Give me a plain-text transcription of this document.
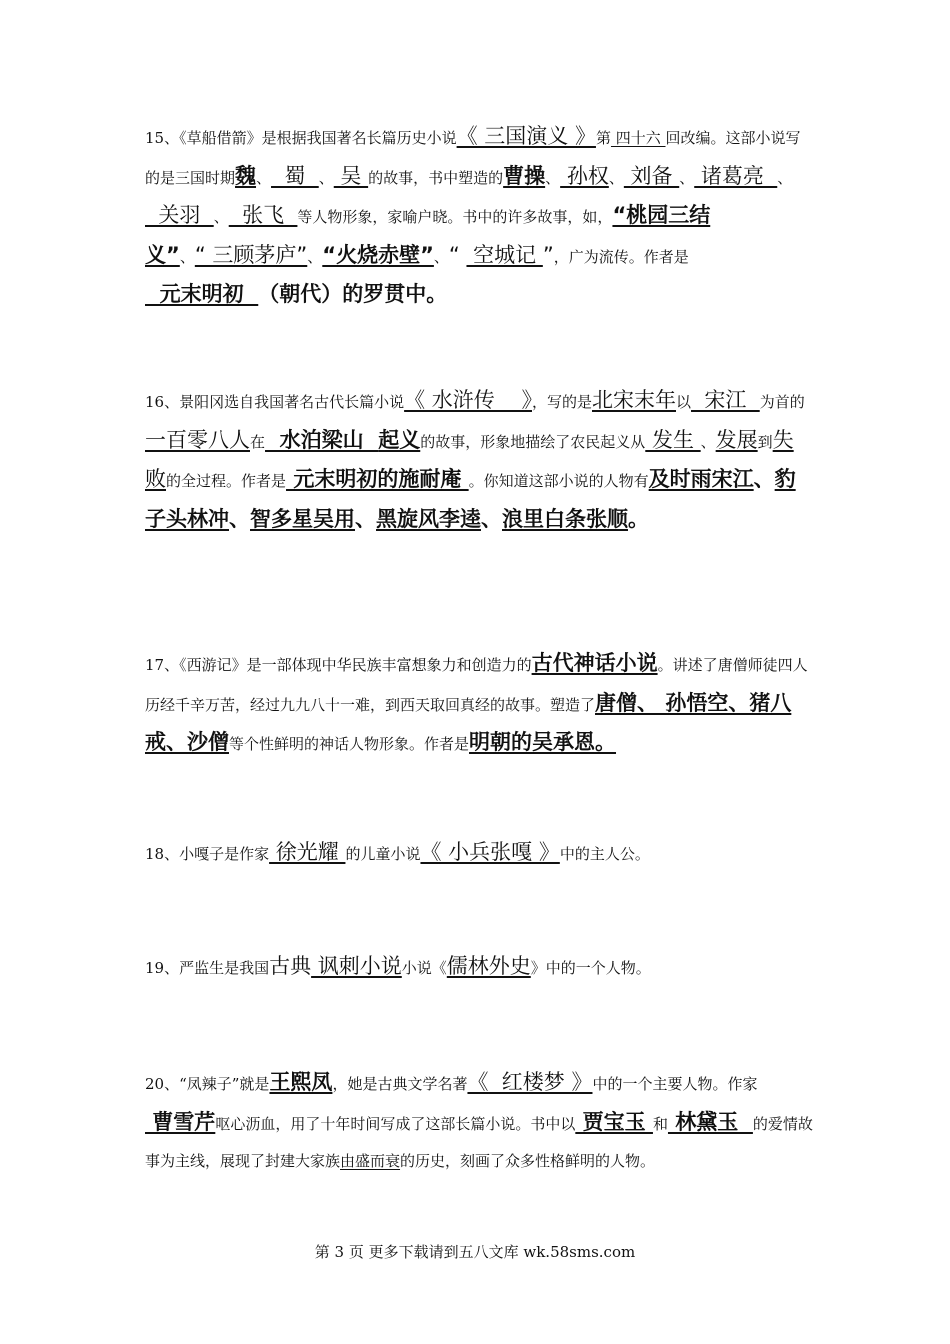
15、《草船借箭》是根据我国著名长篇历史小说《 三国演义 》第 四十六 回改编。这部小说写的是三国时期魏、  蜀  、 吴 的故事，书中塑造的曹操、 孙权、 刘备 、 诸葛亮  、  关羽  、  张飞  等人物形象，家喻户晓。书中的许多故事，如，“桃园三结义”、“ 三顾茅庐”、“火烧赤壁”、“  空城记 ”，广为流传。作者是  元末明初  （朝代）的罗贯中。

16、景阳冈选自我国著名古代长篇小说《 水浒传    》，写的是北宋末年以  宋江  为首的一百零八人在  水泊梁山  起义的故事，形象地描绘了农民起义从 发生 、发展到失败的全过程。作者是 元末明初的施耐庵 。你知道这部小说的人物有及时雨宋江、豹子头林冲、智多星吴用、黑旋风李逵、浪里白条张顺。

17、《西游记》是一部体现中华民族丰富想象力和创造力的古代神话小说。讲述了唐僧师徒四人历经千辛万苦，经过九九八十一难，到西天取回真经的故事。塑造了唐僧、 孙悟空、猪八戒、沙僧等个性鲜明的神话人物形象。作者是明朝的吴承恩。

18、小嘎子是作家 徐光耀 的儿童小说《 小兵张嘎 》中的主人公。

19、严监生是我国古典 讽刺小说小说《儒林外史》中的一个人物。

20、“凤辣子”就是王熙凤，她是古典文学名著《  红楼梦 》中的一个主要人物。作家 曹雪芹呕心沥血，用了十年时间写成了这部长篇小说。书中以 贾宝玉 和 林黛玉  的爱情故事为主线，展现了封建大家族由盛而衰的历史，刻画了众多性格鲜明的人物。

第 3 页 更多下载请到五八文库 wk.58sms.com
